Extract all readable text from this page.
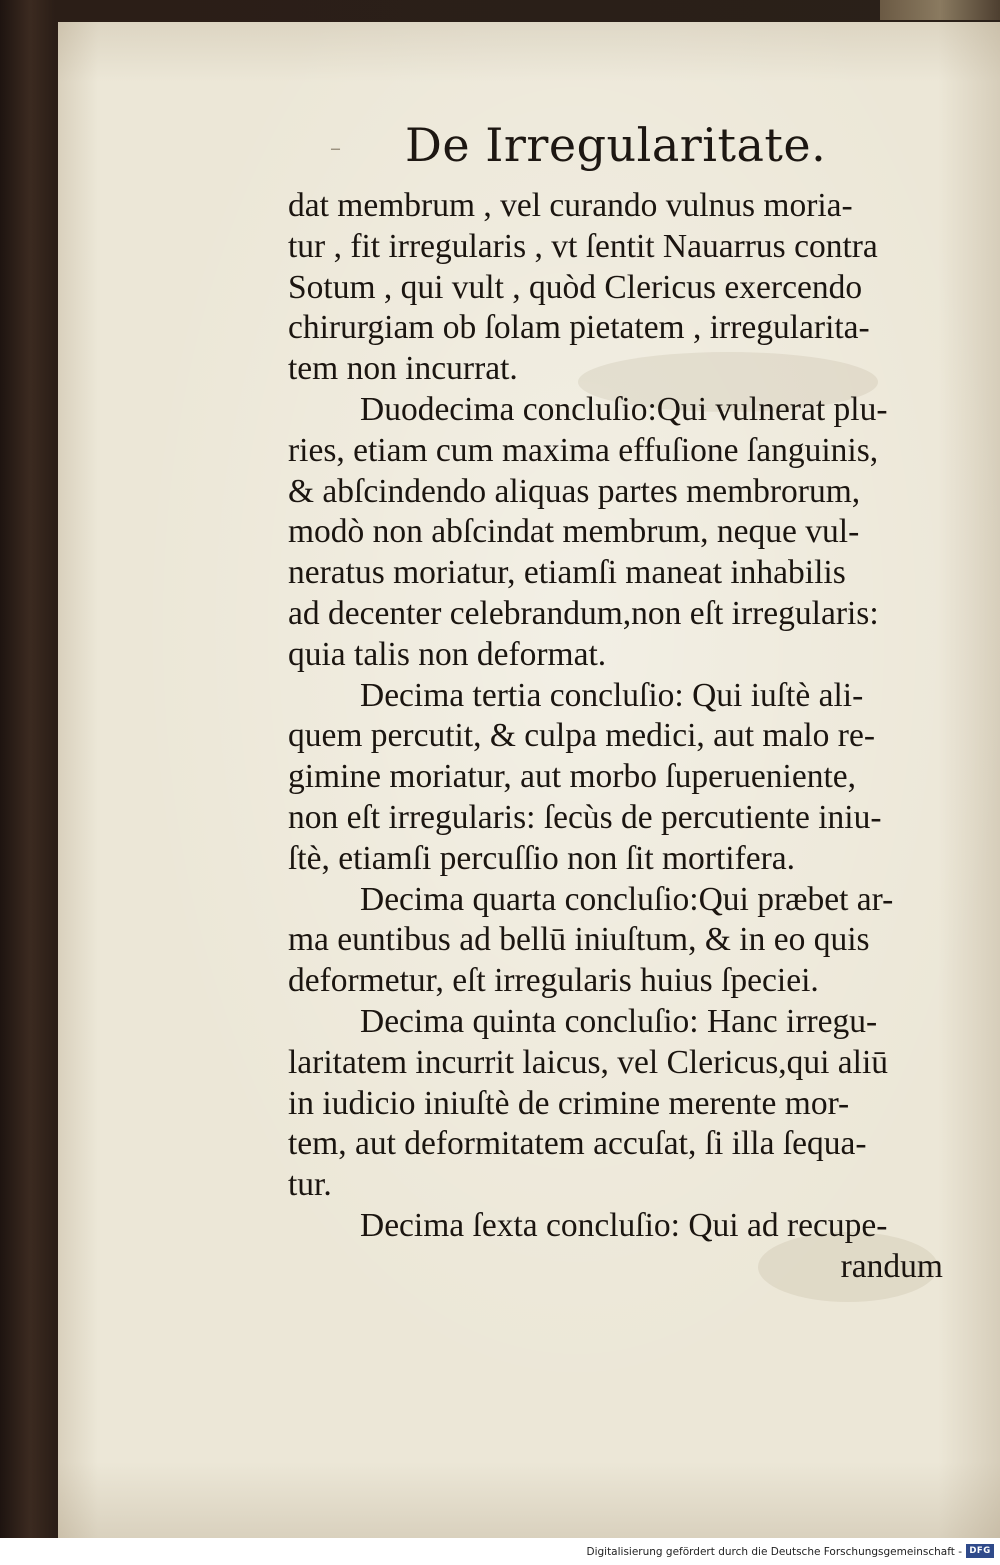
– De Irregularitate.
dat membrum , vel curando vulnus moria-
tur , fit irregularis , vt ſentit Nauarrus contra
Sotum , qui vult , quòd Clericus exercendo
chirurgiam ob ſolam pietatem , irregularita-
tem non incurrat.
Duodecima concluſio:Qui vulnerat plu-
ries, etiam cum maxima effuſione ſanguinis,
& abſcindendo aliquas partes membrorum,
modò non abſcindat membrum, neque vul-
neratus moriatur, etiamſi maneat inhabilis
ad decenter celebrandum,non eſt irregularis:
quia talis non deformat.
Decima tertia concluſio: Qui iuſtè ali-
quem percutit, & culpa medici, aut malo re-
gimine moriatur, aut morbo ſuperueniente,
non eſt irregularis: ſecùs de percutiente iniu-
ſtè, etiamſi percuſſio non ſit mortifera.
Decima quarta concluſio:Qui præbet ar-
ma euntibus ad bellū iniuſtum, & in eo quis
deformetur, eſt irregularis huius ſpeciei.
Decima quinta concluſio: Hanc irregu-
laritatem incurrit laicus, vel Clericus,qui aliū
in iudicio iniuſtè de crimine merente mor-
tem, aut deformitatem accuſat, ſi illa ſequa-
tur.
Decima ſexta concluſio: Qui ad recupe-
randum
Digitalisierung gefördert durch die Deutsche Forschungsgemeinschaft - DFG
